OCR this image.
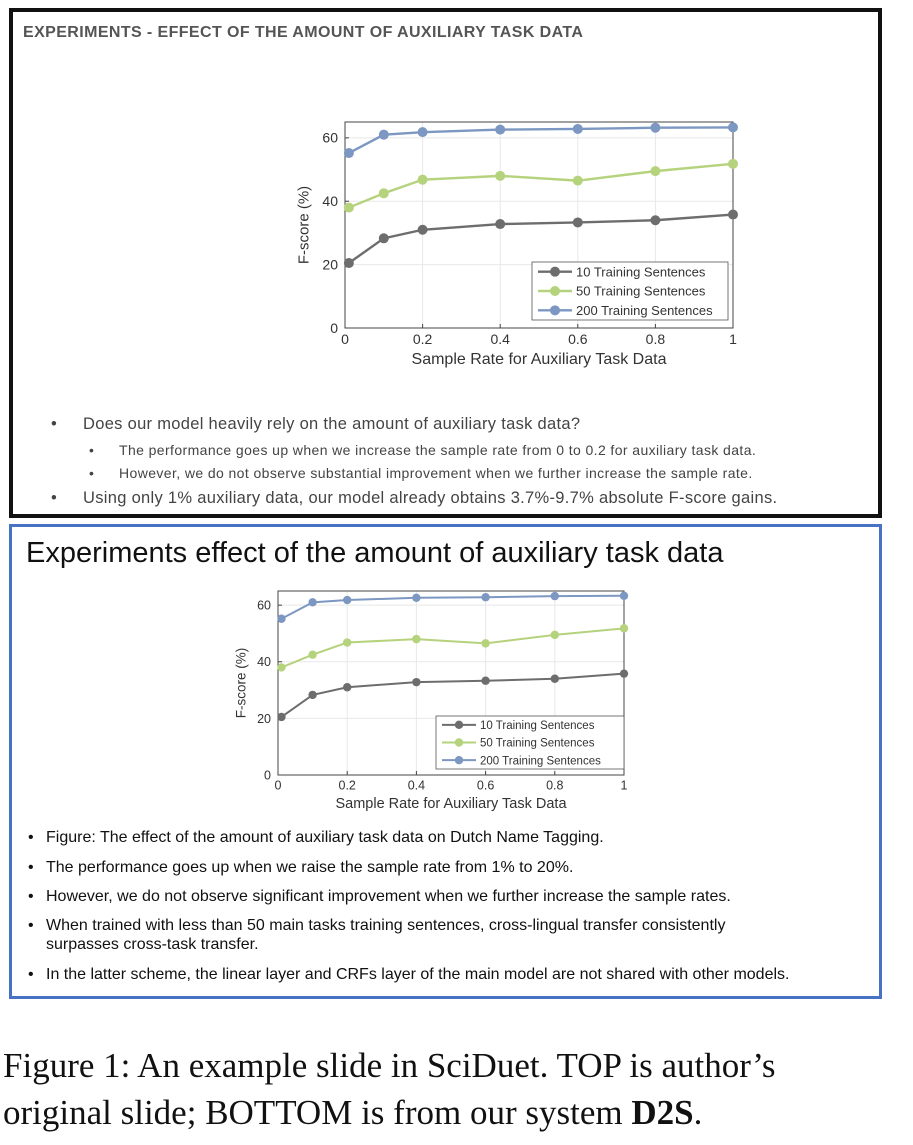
EXPERIMENTS - EFFECT OF THE AMOUNT OF AUXILIARY TASK DATA
0	0.2	0.4	0.6	0.8	1
0
20
40
60
Sample Rate for Auxiliary Task Data
F-score (%)
10 Training Sentences
50 Training Sentences
200 Training Sentences
• Does our model heavily rely on the amount of auxiliary task data?
• The performance goes up when we increase the sample rate from 0 to 0.2 for auxiliary task data.
• However, we do not observe substantial improvement when we further increase the sample rate.
• Using only 1% auxiliary data, our model already obtains 3.7%-9.7% absolute F-score gains.
Experiments effect of the amount of auxiliary task data
0	0.2	0.4	0.6	0.8	1
0
20
40
60
Sample Rate for Auxiliary Task Data
F-score (%)
10 Training Sentences
50 Training Sentences
200 Training Sentences
• Figure: The effect of the amount of auxiliary task data on Dutch Name Tagging.
• The performance goes up when we raise the sample rate from 1% to 20%.
• However, we do not observe significant improvement when we further increase the sample rates.
• When trained with less than 50 main tasks training sentences, cross-lingual transfer consistently
surpasses cross-task transfer.
• In the latter scheme, the linear layer and CRFs layer of the main model are not shared with other models.
Figure 1: An example slide in SciDuet. TOP is author’s
original slide; BOTTOM is from our system D2S.
